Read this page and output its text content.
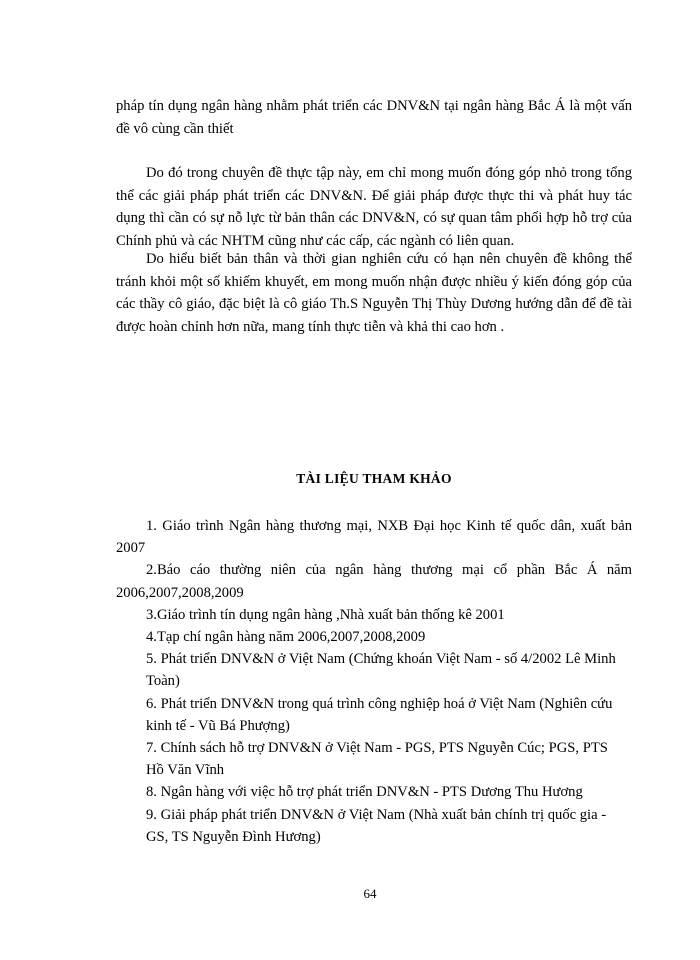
pháp tín dụng ngân hàng nhằm phát triển các DNV&N tại ngân hàng Bắc Á là một vấn đề vô cùng cần thiết
Do đó trong chuyên đề thực tập này, em chỉ mong muốn đóng góp nhỏ trong tổng thể các giải pháp phát triển các DNV&N. Để giải pháp được thực thi và phát huy tác dụng thì cần có sự nỗ lực từ bản thân các DNV&N, có sự quan tâm phối hợp hỗ trợ của Chính phủ và các NHTM cũng như các cấp, các ngành có liên quan.
Do hiểu biết bản thân và thời gian nghiên cứu có hạn nên chuyên đề không thể tránh khỏi một số khiếm khuyết, em mong muốn nhận được nhiều ý kiến đóng góp của các thầy cô giáo, đặc biệt là cô giáo Th.S Nguyễn Thị Thùy Dương hướng dẫn để đề tài được hoàn chỉnh hơn nữa, mang tính thực tiễn và khả thi cao hơn .
TÀI LIỆU THAM KHẢO
1. Giáo trình Ngân hàng thương mại, NXB Đại học Kinh tế quốc dân, xuất bản 2007
2.Báo cáo thường niên của ngân hàng thương mại cổ phần Bắc Á năm 2006,2007,2008,2009
3.Giáo trình tín dụng ngân hàng ,Nhà xuất bản thống kê 2001
4.Tạp chí ngân hàng năm 2006,2007,2008,2009
5. Phát triển DNV&N ở Việt Nam (Chứng khoán Việt Nam - số 4/2002 Lê Minh Toàn)
6. Phát triển DNV&N trong quá trình công nghiệp hoá ở Việt Nam (Nghiên cứu kinh tế - Vũ Bá Phượng)
7. Chính sách hỗ trợ DNV&N ở Việt Nam - PGS, PTS Nguyễn Cúc; PGS, PTS Hồ Văn Vĩnh
8. Ngân hàng với việc hỗ trợ phát triển DNV&N - PTS Dương Thu Hương
9. Giải pháp phát triển DNV&N ở Việt Nam (Nhà xuất bản chính trị quốc gia - GS, TS Nguyễn Đình Hương)
64
